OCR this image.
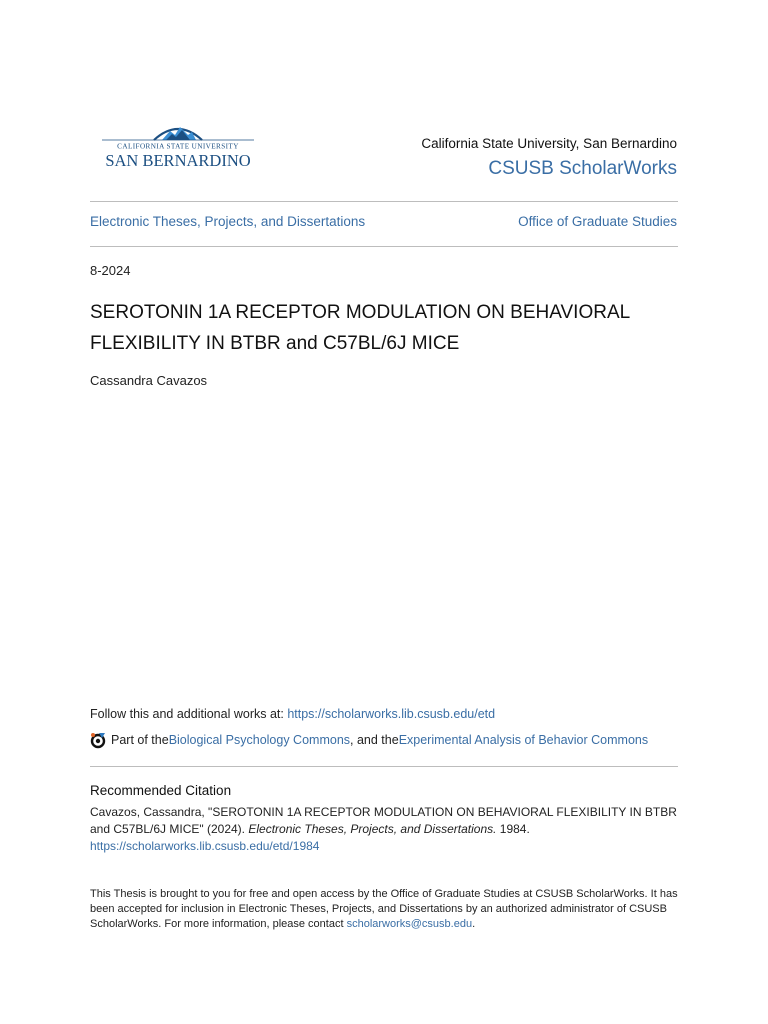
CALIFORNIA STATE UNIVERSITY
SAN BERNARDINO
California State University, San Bernardino
CSUSB ScholarWorks
Electronic Theses, Projects, and Dissertations	Office of Graduate Studies
8-2024
SEROTONIN 1A RECEPTOR MODULATION ON BEHAVIORAL
FLEXIBILITY IN BTBR and C57BL/6J MICE
Cassandra Cavazos
Follow this and additional works at: https://scholarworks.lib.csusb.edu/etd
Part of the Biological Psychology Commons , and the Experimental Analysis of Behavior Commons
Recommended Citation
Cavazos, Cassandra, "SEROTONIN 1A RECEPTOR MODULATION ON BEHAVIORAL FLEXIBILITY IN BTBR and C57BL/6J MICE" (2024). Electronic Theses, Projects, and Dissertations. 1984.
https://scholarworks.lib.csusb.edu/etd/1984
This Thesis is brought to you for free and open access by the Office of Graduate Studies at CSUSB ScholarWorks. It has been accepted for inclusion in Electronic Theses, Projects, and Dissertations by an authorized administrator of CSUSB ScholarWorks. For more information, please contact scholarworks@csusb.edu.
